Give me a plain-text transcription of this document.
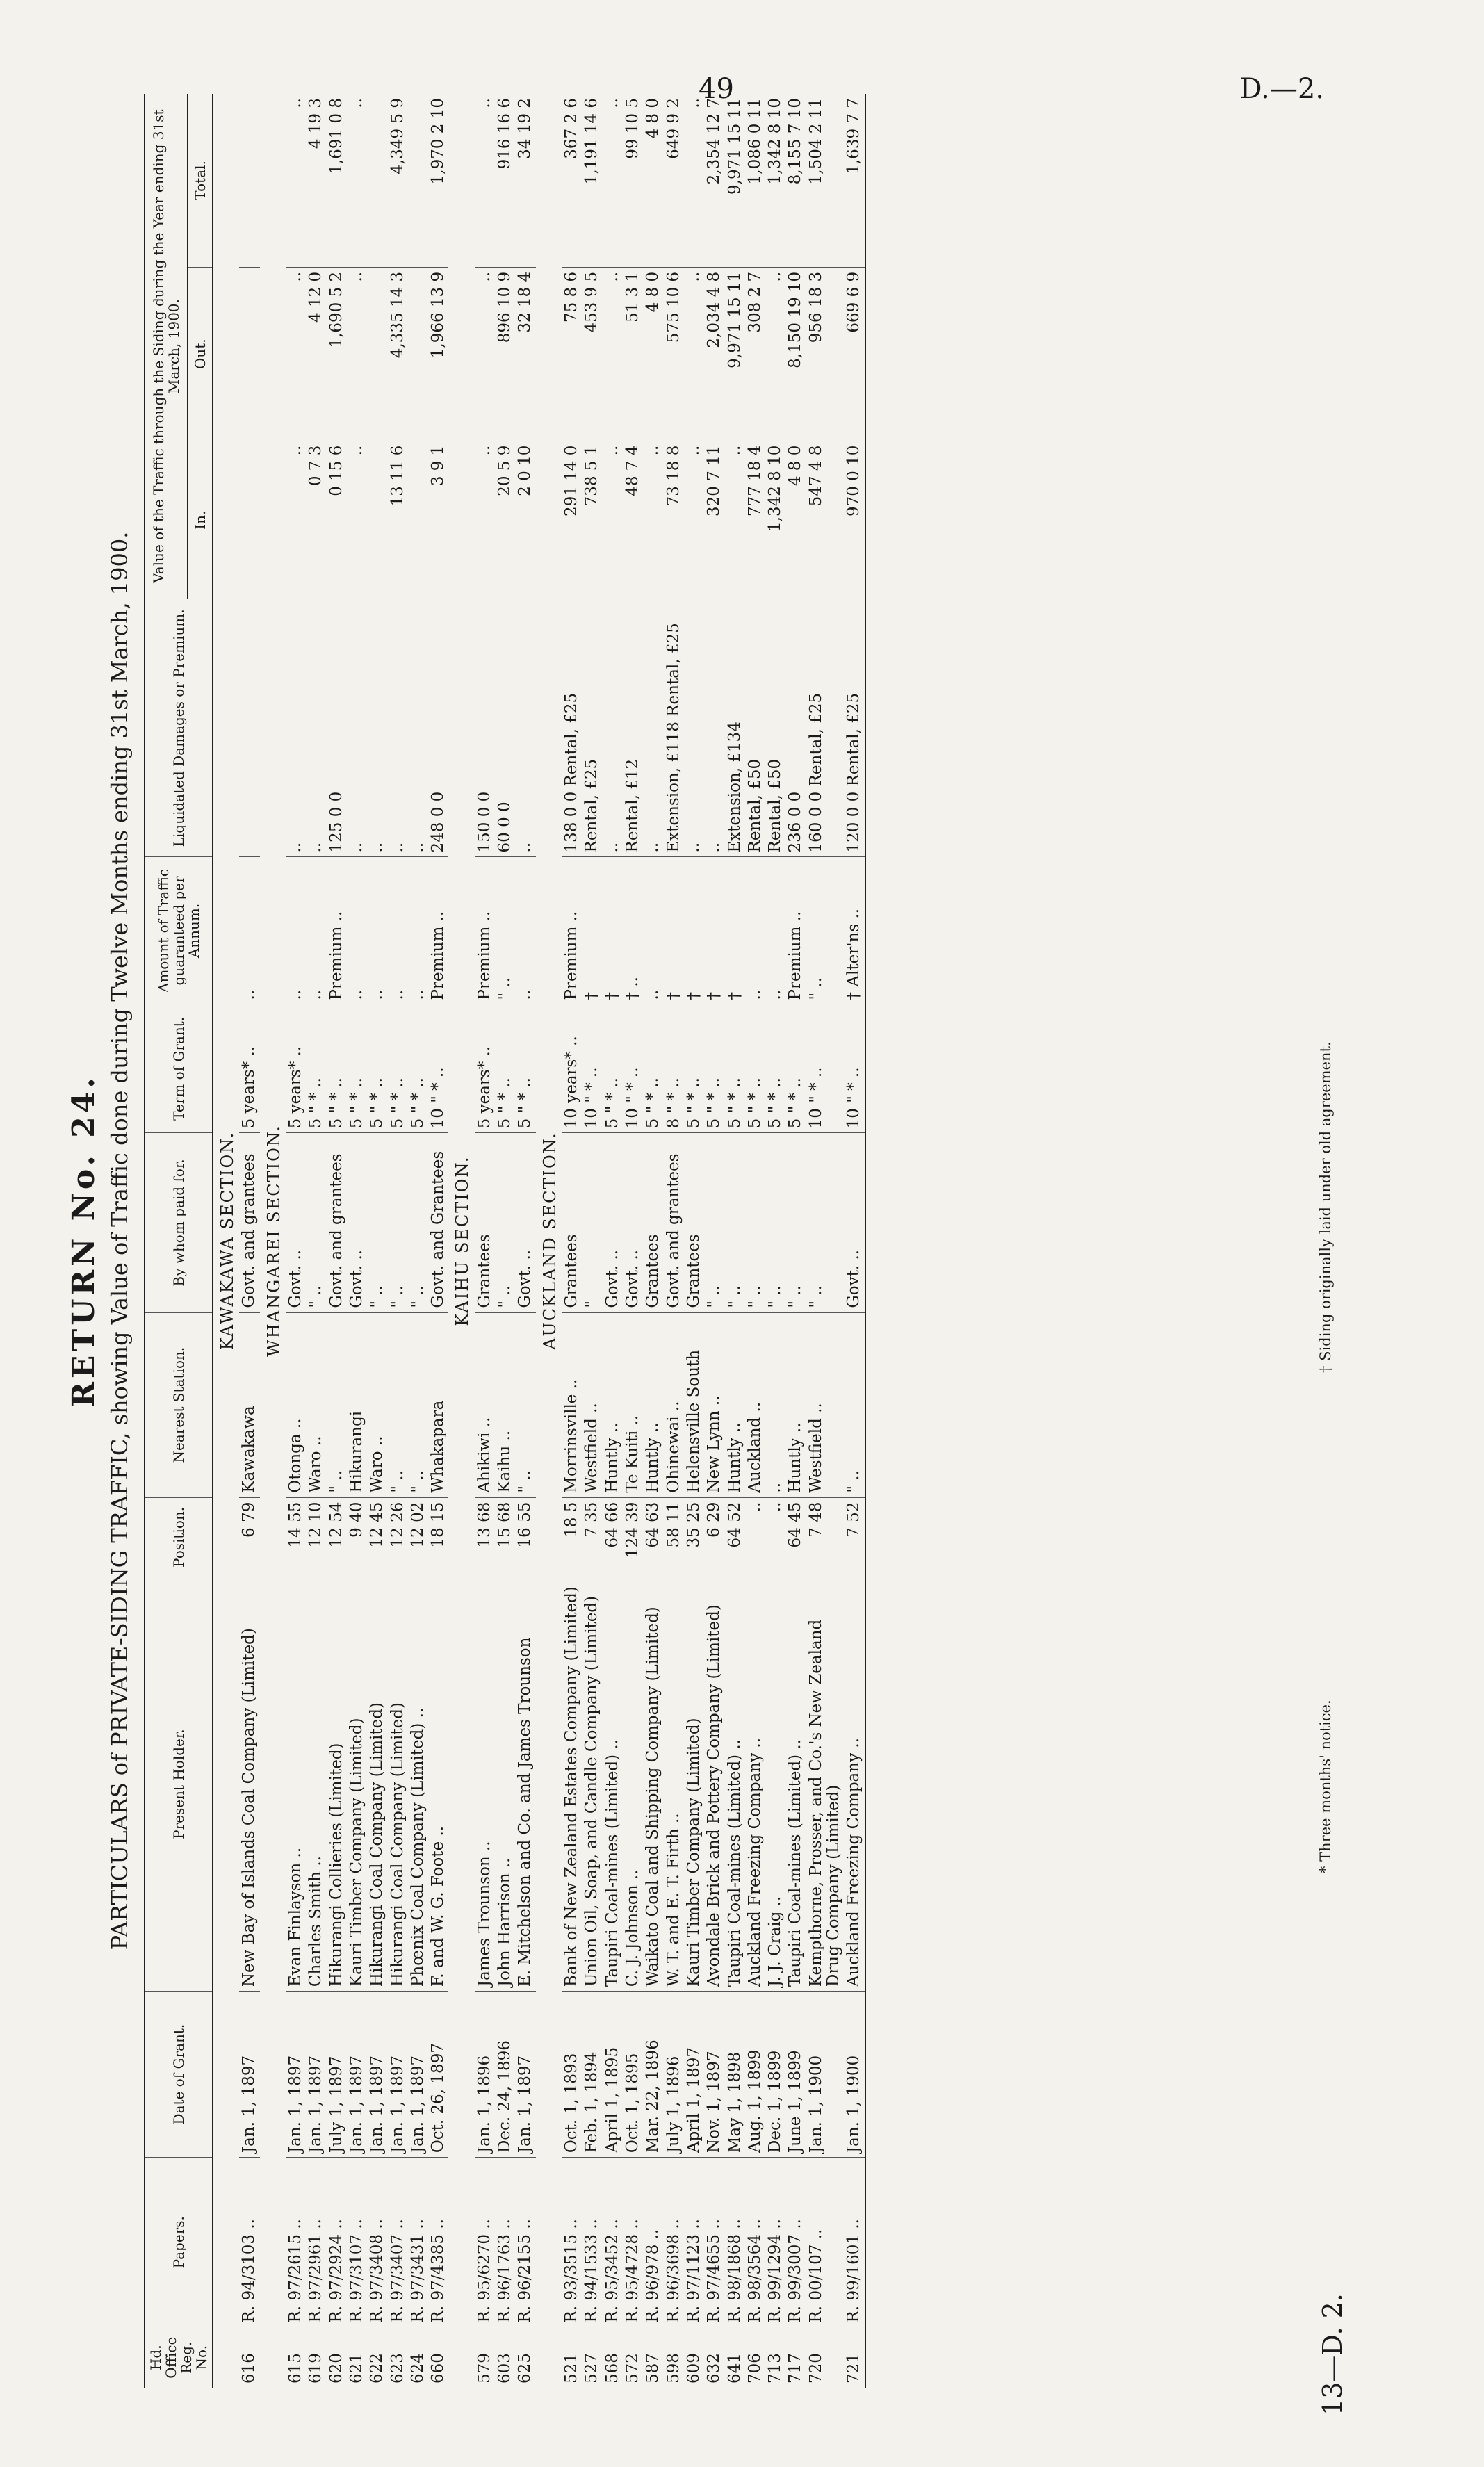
49	D.—2.
RETURN No. 24. PARTICULARS of PRIVATE-SIDING TRAFFIC, showing Value of Traffic done during Twelve Months ending 31st March, 1900.
Hd. Office Reg. No.	Papers.	Date of Grant.	Present Holder.	Position.	Nearest Station.	By whom paid for.	Term of Grant.	Amount of Traffic guaranteed per Annum.	Liquidated Damages or Premium.	Value of the Traffic through the Siding during the Year ending 31st March, 1900.		
										In.	Out.	Total.
KAWAKAWA SECTION.												
616	R. 94/3103 ..	Jan. 1, 1897	New Bay of Islands Coal Company (Limited)	6 79	Kawakawa	Govt. and grantees	5 years* ..	..				
WHANGAREI SECTION.												
615	R. 97/2615 ..	Jan. 1, 1897	Evan Finlayson ..	14 55	Otonga ..	Govt. ..	5 years* ..	..	..	..	..	..
619	R. 97/2961 ..	Jan. 1, 1897	Charles Smith ..	12 10	Waro ..	" ..	5 " * ..	..	..	0 7 3	4 12 0	4 19 3
620	R. 97/2924 ..	July 1, 1897	Hikurangi Collieries (Limited)	12 54	" ..	Govt. and grantees	5 " * ..	Premium ..	125 0 0	0 15 6	1,690 5 2	1,691 0 8
621	R. 97/3107 ..	Jan. 1, 1897	Kauri Timber Company (Limited)	9 40	Hikurangi	Govt. ..	5 " * ..	..	..	..	..	..
622	R. 97/3408 ..	Jan. 1, 1897	Hikurangi Coal Company (Limited)	12 45	Waro ..	" ..	5 " * ..	..	..			
623	R. 97/3407 ..	Jan. 1, 1897	Hikurangi Coal Company (Limited)	12 26	" ..	" ..	5 " * ..	..	..	13 11 6	4,335 14 3	4,349 5 9
624	R. 97/3431 ..	Jan. 1, 1897	Phœnix Coal Company (Limited) ..	12 02	" ..	" ..	5 " * ..	..	..			
660	R. 97/4385 ..	Oct. 26, 1897	F. and W. G. Foote ..	18 15	Whakapara	Govt. and Grantees	10 " * ..	Premium ..	248 0 0	3 9 1	1,966 13 9	1,970 2 10
KAIHU SECTION.												
579	R. 95/6270 ..	Jan. 1, 1896	James Trounson ..	13 68	Ahikiwi ..	Grantees	5 years* ..	Premium ..	150 0 0	..	..	..
603	R. 96/1763 ..	Dec. 24, 1896	John Harrison ..	15 68	Kaihu ..	" ..	5 " * ..	" ..	60 0 0	20 5 9	896 10 9	916 16 6
625	R. 96/2155 ..	Jan. 1, 1897	E. Mitchelson and Co. and James Trounson	16 55	" ..	Govt. ..	5 " * ..	..	..	2 0 10	32 18 4	34 19 2
AUCKLAND SECTION.												
521	R. 93/3515 ..	Oct. 1, 1893	Bank of New Zealand Estates Company (Limited)	18 5	Morrinsville ..	Grantees	10 years* ..	Premium ..	138 0 0 Rental, £25	291 14 0	75 8 6	367 2 6
527	R. 94/1533 ..	Feb. 1, 1894	Union Oil, Soap, and Candle Company (Limited)	7 35	Westfield ..	"	10 " * ..	†	Rental, £25	738 5 1	453 9 5	1,191 14 6
568	R. 95/3452 ..	April 1, 1895	Taupiri Coal-mines (Limited) ..	64 66	Huntly ..	Govt. ..	5 " * ..	†	..	..	..	..
572	R. 95/4728 ..	Oct. 1, 1895	C. J. Johnson ..	124 39	Te Kuiti ..	Govt. ..	10 " * ..	† ..	Rental, £12	48 7 4	51 3 1	99 10 5
587	R. 96/978 ..	Mar. 22, 1896	Waikato Coal and Shipping Company (Limited)	64 63	Huntly ..	Grantees	5 " * ..	..	..	..	4 8 0	4 8 0
598	R. 96/3698 ..	July 1, 1896	W. T. and E. T. Firth ..	58 11	Ohinewai ..	Govt. and grantees	8 " * ..	†	Extension, £118 Rental, £25	73 18 8	575 10 6	649 9 2
609	R. 97/1123 ..	April 1, 1897	Kauri Timber Company (Limited)	35 25	Helensville South	Grantees	5 " * ..	†	..	..	..	..
632	R. 97/4655 ..	Nov. 1, 1897	Avondale Brick and Pottery Company (Limited)	6 29	New Lynn ..	" ..	5 " * ..	†	..	320 7 11	2,034 4 8	2,354 12 7
641	R. 98/1868 ..	May 1, 1898	Taupiri Coal-mines (Limited) ..	64 52	Huntly ..	" ..	5 " * ..	†	Extension, £134	..	9,971 15 11	9,971 15 11
706	R. 98/3564 ..	Aug. 1, 1899	Auckland Freezing Company ..	..	Auckland ..	" ..	5 " * ..	..	Rental, £50	777 18 4	308 2 7	1,086 0 11
713	R. 99/1294 ..	Dec. 1, 1899	J. J. Craig ..	..	..	" ..	5 " * ..	..	Rental, £50	1,342 8 10	..	1,342 8 10
717	R. 99/3007 ..	June 1, 1899	Taupiri Coal-mines (Limited) ..	64 45	Huntly ..	" ..	5 " * ..	Premium ..	236 0 0	4 8 0	8,150 19 10	8,155 7 10
720	R. 00/107 ..	Jan. 1, 1900	Kempthorne, Prosser, and Co.'s New Zealand Drug Company (Limited)	7 48	Westfield ..	" ..	10 " * ..	" ..	160 0 0 Rental, £25	547 4 8	956 18 3	1,504 2 11
721	R. 99/1601 ..	Jan. 1, 1900	Auckland Freezing Company ..	7 52	" ..	Govt. ..	10 " * ..	† Alter'ns ..	120 0 0 Rental, £25	970 0 10	669 6 9	1,639 7 7
13—D. 2.
* Three months' notice.
† Siding originally laid under old agreement.
